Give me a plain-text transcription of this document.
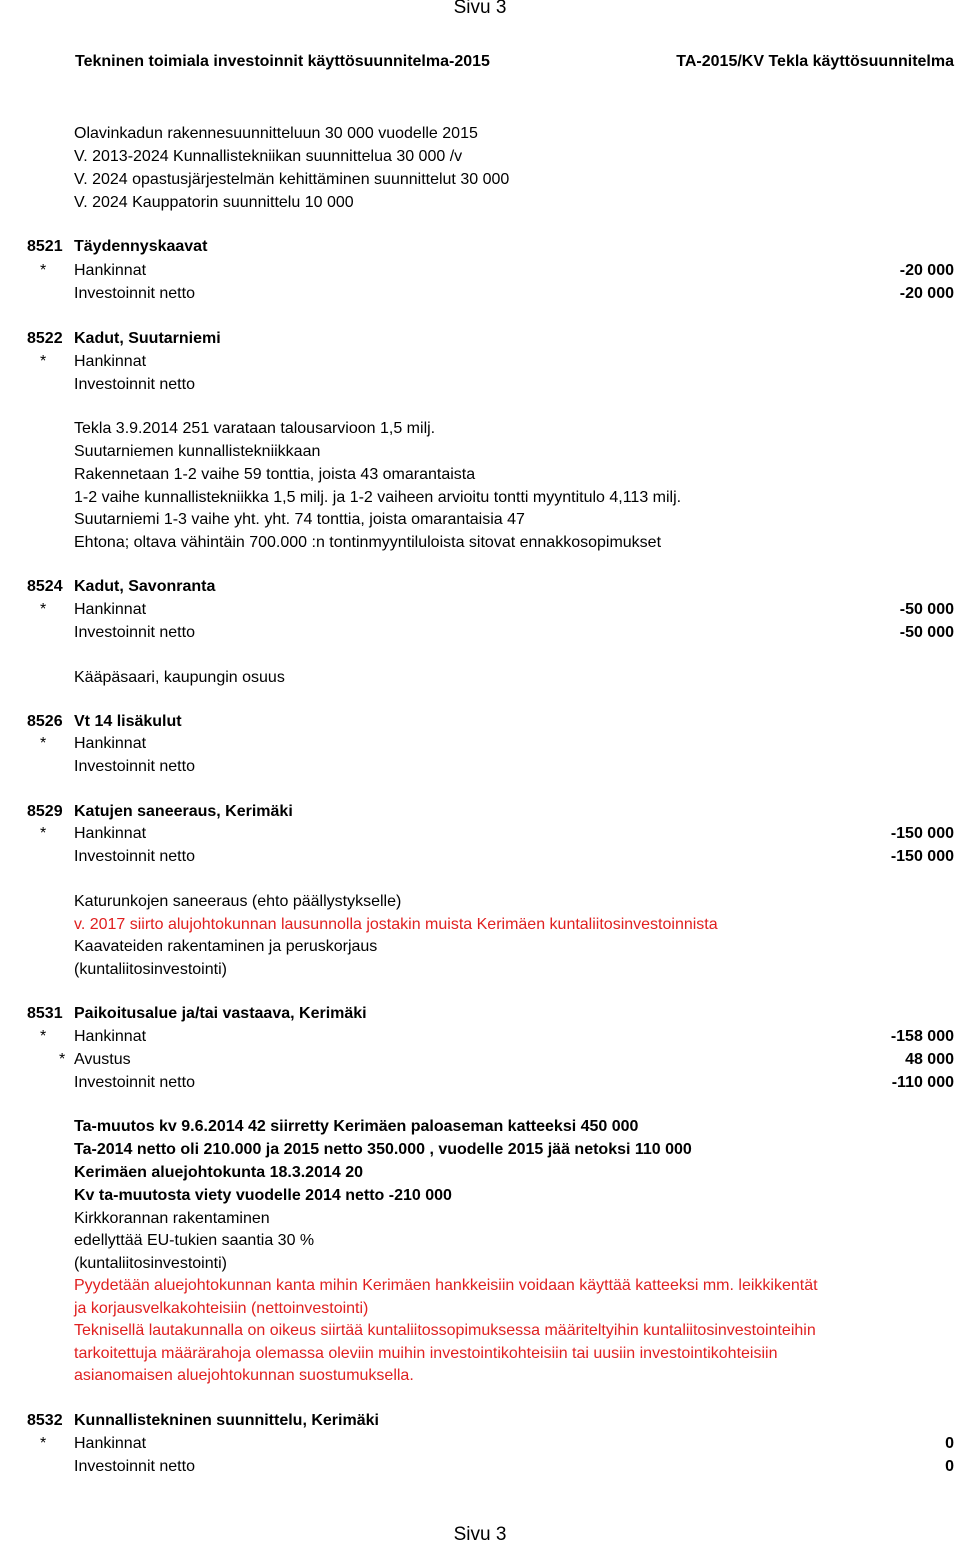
Sivu 3
Tekninen toimiala investoinnit käyttösuunnitelma-2015	TA-2015/KV Tekla käyttösuunnitelma
Olavinkadun rakennesuunnitteluun 30 000 vuodelle 2015
V. 2013-2024 Kunnallistekniikan suunnittelua 30 000 /v
V. 2024 opastusjärjestelmän kehittäminen suunnittelut 30 000
V. 2024 Kauppatorin suunnittelu 10 000
8521 Täydennyskaavat
* Hankinnat	-20 000
Investoinnit netto	-20 000
8522 Kadut, Suutarniemi
* Hankinnat
Investoinnit netto
Tekla 3.9.2014 251 varataan talousarvioon 1,5 milj.
Suutarniemen kunnallistekniikkaan
Rakennetaan 1-2 vaihe 59 tonttia, joista 43 omarantaista
1-2 vaihe kunnallistekniikka 1,5 milj. ja 1-2 vaiheen arvioitu tontti myyntitulo 4,113 milj.
Suutarniemi 1-3 vaihe yht. yht. 74 tonttia, joista omarantaisia 47
Ehtona; oltava vähintäin 700.000 :n tontinmyyntiluloista sitovat ennakkosopimukset
8524 Kadut, Savonranta
* Hankinnat	-50 000
Investoinnit netto	-50 000
Kääpäsaari, kaupungin osuus
8526 Vt 14 lisäkulut
* Hankinnat
Investoinnit netto
8529 Katujen saneeraus, Kerimäki
* Hankinnat	-150 000
Investoinnit netto	-150 000
Katurunkojen saneeraus (ehto päällystykselle)
v. 2017 siirto alujohtokunnan lausunnolla jostakin muista Kerimäen kuntaliitosinvestoinnista
Kaavateiden rakentaminen ja peruskorjaus
(kuntaliitosinvestointi)
8531 Paikoitusalue ja/tai vastaava, Kerimäki
* Hankinnat	-158 000
* Avustus	48 000
Investoinnit netto	-110 000
Ta-muutos kv 9.6.2014 42 siirretty Kerimäen paloaseman katteeksi 450 000
Ta-2014 netto oli 210.000 ja 2015 netto 350.000 , vuodelle 2015 jää netoksi 110 000
Kerimäen aluejohtokunta 18.3.2014 20
Kv ta-muutosta viety vuodelle 2014 netto -210 000
Kirkkorannan rakentaminen
edellyttää EU-tukien saantia 30 %
(kuntaliitosinvestointi)
Pyydetään aluejohtokunnan kanta mihin Kerimäen hankkeisiin voidaan käyttää katteeksi mm. leikkikentät
ja korjausvelkakohteisiin (nettoinvestointi)
Teknisellä lautakunnalla on oikeus siirtää kuntaliitossopimuksessa määriteltyihin kuntaliitosinvestointeihin
tarkoitettuja määrärahoja olemassa oleviin muihin investointikohteisiin tai uusiin investointikohteisiin
asianomaisen aluejohtokunnan suostumuksella.
8532 Kunnallistekninen suunnittelu, Kerimäki
* Hankinnat	0
Investoinnit netto	0
Sivu 3
